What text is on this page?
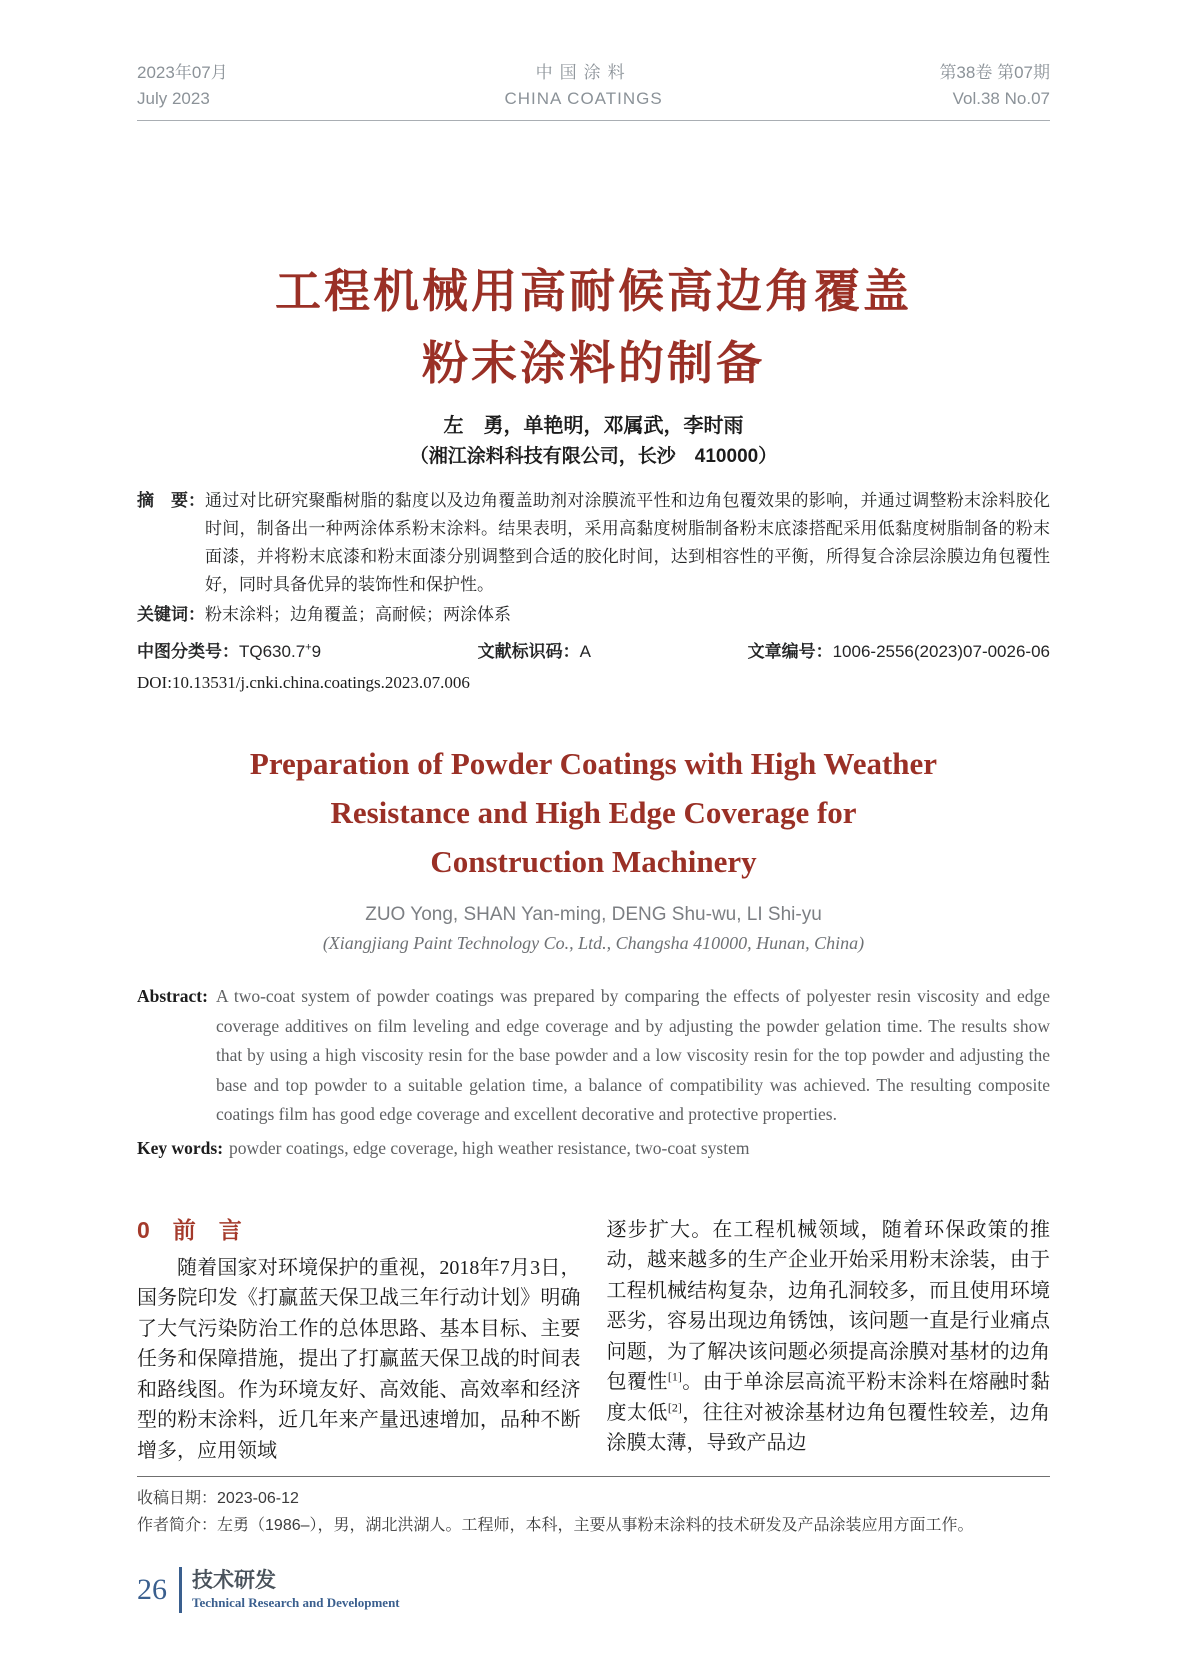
2023年07月
July 2023
中国涂料
CHINA COATINGS
第38卷 第07期
Vol.38 No.07
工程机械用高耐候高边角覆盖
粉末涂料的制备
左　勇，单艳明，邓属武，李时雨
（湘江涂料科技有限公司，长沙　410000）
摘　要： 通过对比研究聚酯树脂的黏度以及边角覆盖助剂对涂膜流平性和边角包覆效果的影响，并通过调整粉末涂料胶化时间，制备出一种两涂体系粉末涂料。结果表明，采用高黏度树脂制备粉末底漆搭配采用低黏度树脂制备的粉末面漆，并将粉末底漆和粉末面漆分别调整到合适的胶化时间，达到相容性的平衡，所得复合涂层涂膜边角包覆性好，同时具备优异的装饰性和保护性。
关键词：粉末涂料；边角覆盖；高耐候；两涂体系
中图分类号：TQ630.7+9	文献标识码：A	文章编号：1006-2556(2023)07-0026-06
DOI:10.13531/j.cnki.china.coatings.2023.07.006
Preparation of Powder Coatings with High Weather
Resistance and High Edge Coverage for
Construction Machinery
ZUO Yong, SHAN Yan-ming, DENG Shu-wu, LI Shi-yu
(Xiangjiang Paint Technology Co., Ltd., Changsha 410000, Hunan, China)
Abstract: A two-coat system of powder coatings was prepared by comparing the effects of polyester resin viscosity and edge coverage additives on film leveling and edge coverage and by adjusting the powder gelation time. The results show that by using a high viscosity resin for the base powder and a low viscosity resin for the top powder and adjusting the base and top powder to a suitable gelation time, a balance of compatibility was achieved. The resulting composite coatings film has good edge coverage and excellent decorative and protective properties.
Key words: powder coatings, edge coverage, high weather resistance, two-coat system
0　前　言

随着国家对环境保护的重视，2018年7月3日，国务院印发《打赢蓝天保卫战三年行动计划》明确了大气污染防治工作的总体思路、基本目标、主要任务和保障措施，提出了打赢蓝天保卫战的时间表和路线图。作为环境友好、高效能、高效率和经济型的粉末涂料，近几年来产量迅速增加，品种不断增多，应用领域

逐步扩大。在工程机械领域，随着环保政策的推动，越来越多的生产企业开始采用粉末涂装，由于工程机械结构复杂，边角孔洞较多，而且使用环境恶劣，容易出现边角锈蚀，该问题一直是行业痛点问题，为了解决该问题必须提高涂膜对基材的边角包覆性[1]。由于单涂层高流平粉末涂料在熔融时黏度太低[2]，往往对被涂基材边角包覆性较差，边角涂膜太薄，导致产品边

收稿日期：2023-06-12
作者简介：左勇（1986–），男，湖北洪湖人。工程师，本科，主要从事粉末涂料的技术研发及产品涂装应用方面工作。
26 技术研发
Technical Research and Development
